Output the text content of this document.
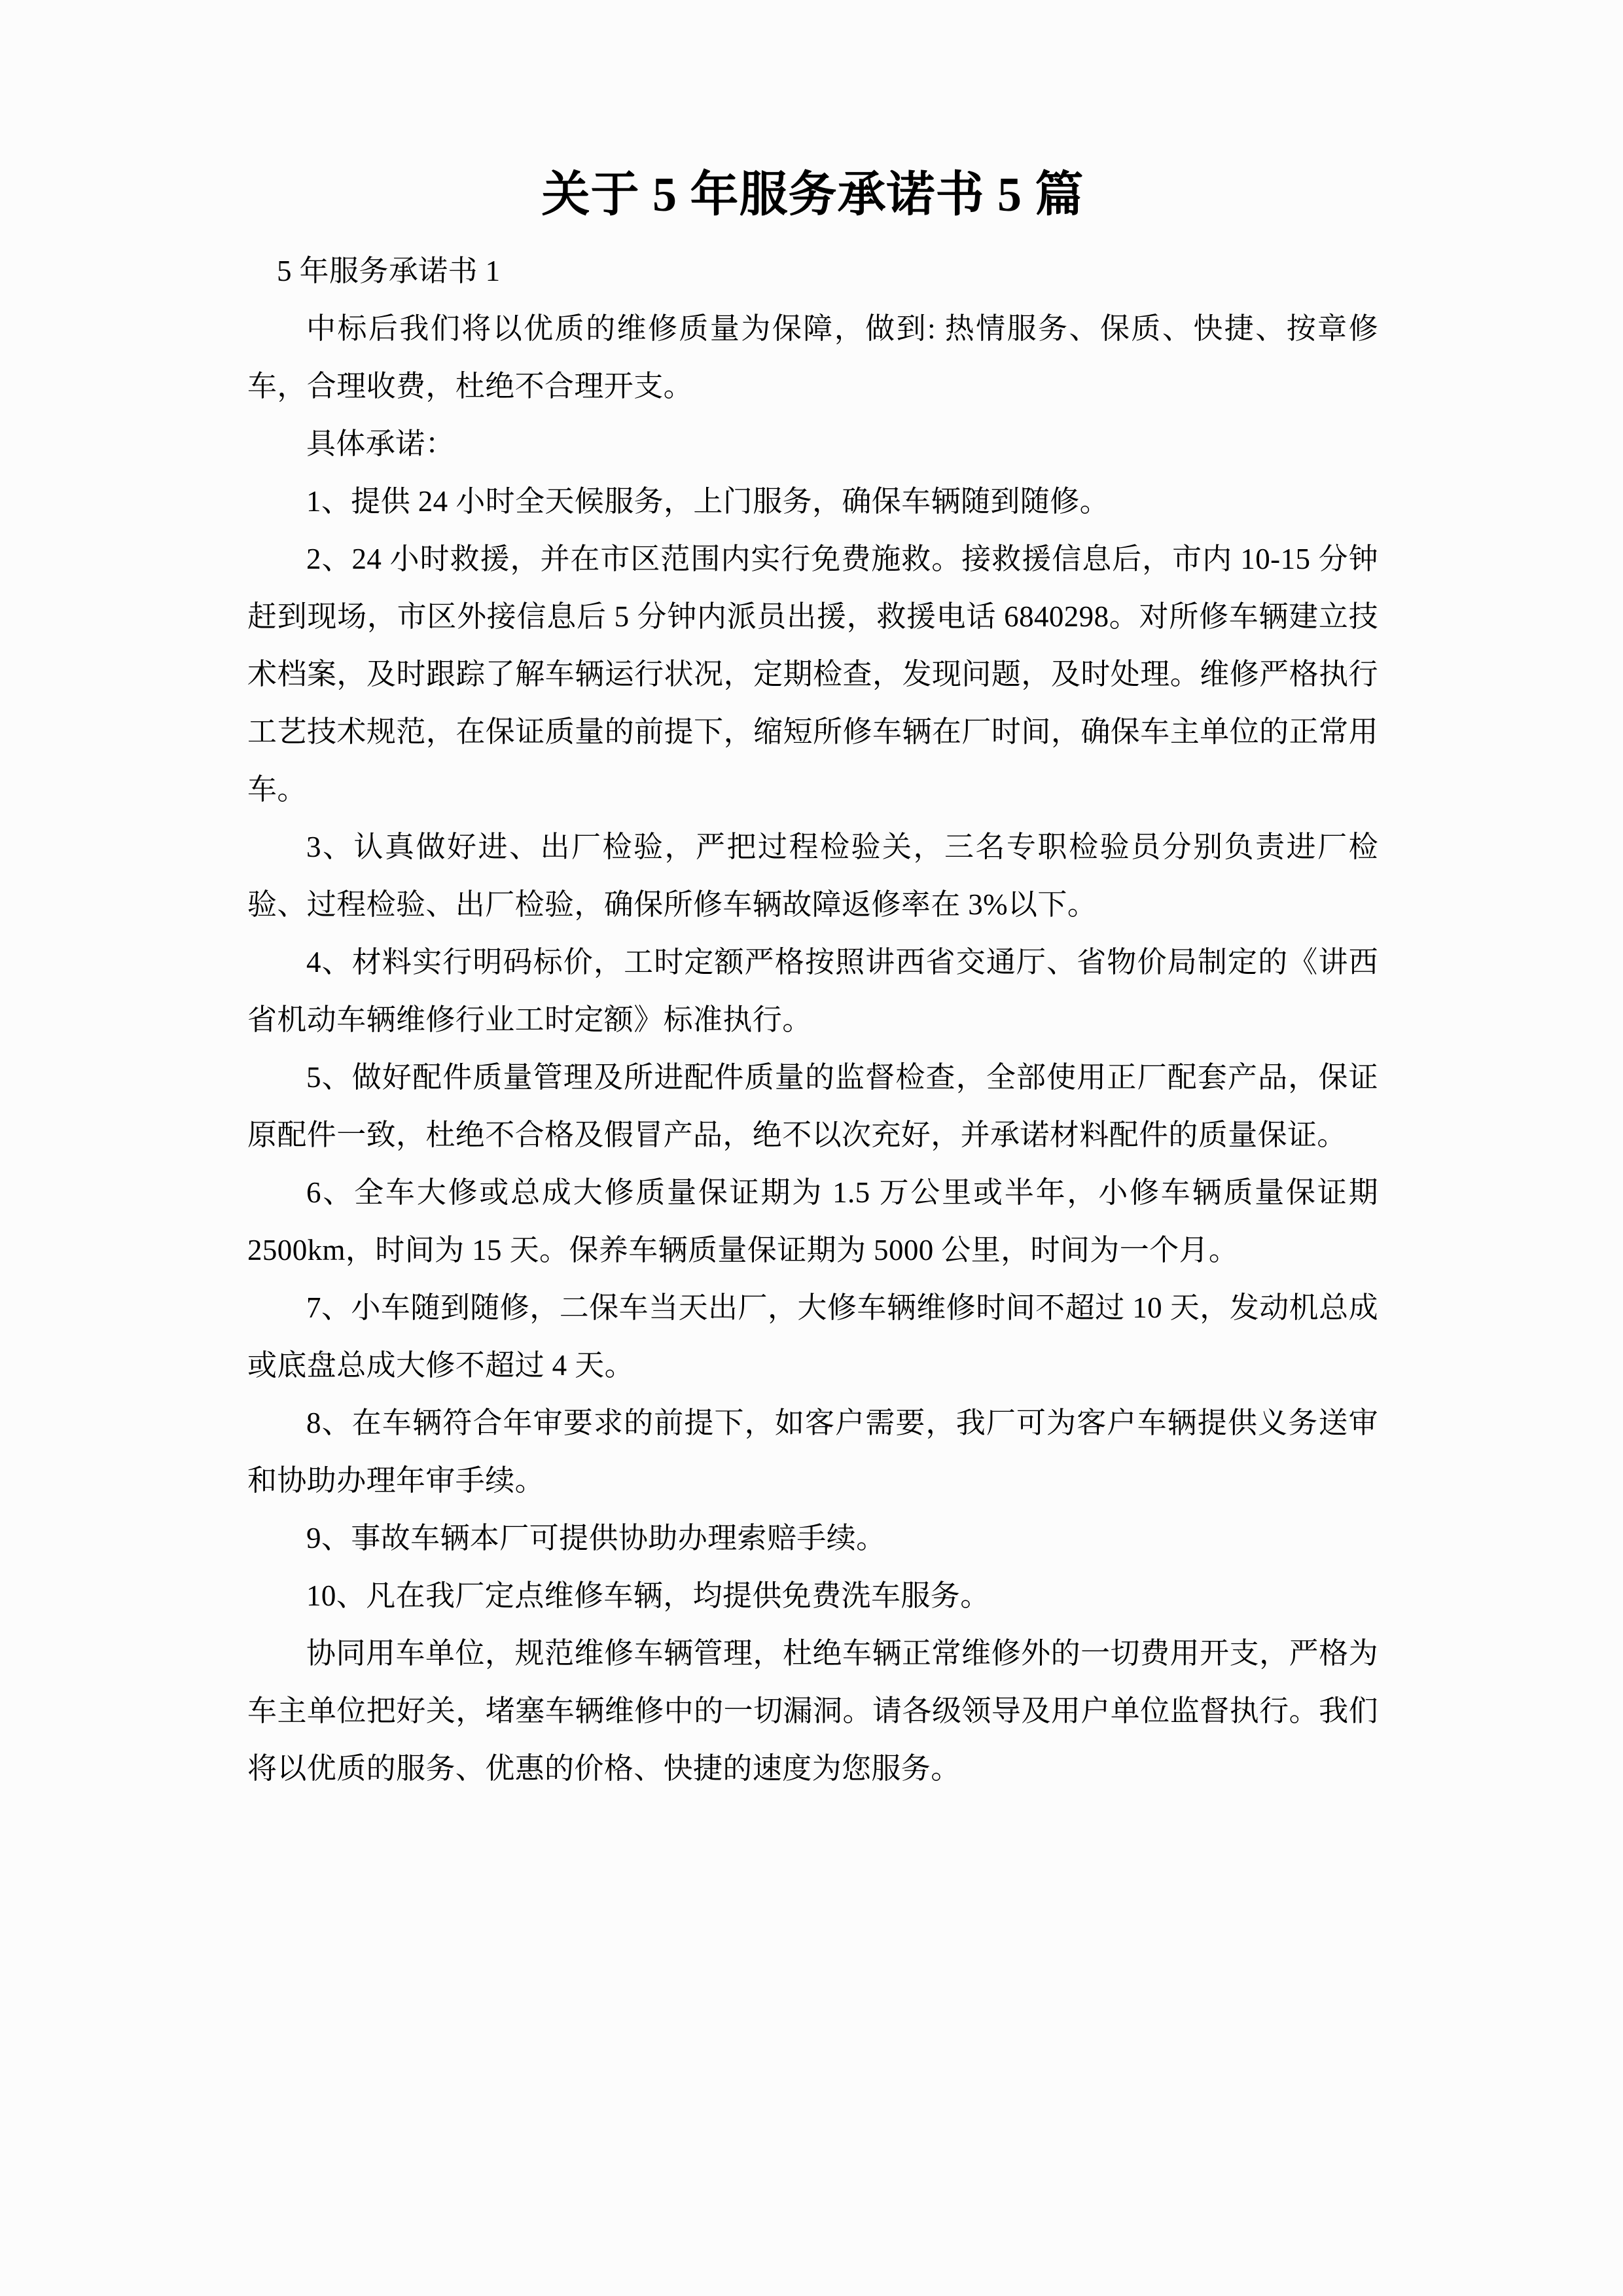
关于 5 年服务承诺书 5 篇

5 年服务承诺书 1

中标后我们将以优质的维修质量为保障，做到: 热情服务、保质、快捷、按章修车，合理收费，杜绝不合理开支。

具体承诺：

1、提供 24 小时全天候服务，上门服务，确保车辆随到随修。

2、24 小时救援，并在市区范围内实行免费施救。接救援信息后，市内 10-15 分钟赶到现场，市区外接信息后 5 分钟内派员出援，救援电话 6840298。对所修车辆建立技术档案，及时跟踪了解车辆运行状况，定期检查，发现问题，及时处理。维修严格执行工艺技术规范，在保证质量的前提下，缩短所修车辆在厂时间，确保车主单位的正常用车。

3、认真做好进、出厂检验，严把过程检验关，三名专职检验员分别负责进厂检验、过程检验、出厂检验，确保所修车辆故障返修率在 3%以下。

4、材料实行明码标价，工时定额严格按照讲西省交通厅、省物价局制定的《讲西省机动车辆维修行业工时定额》标准执行。

5、做好配件质量管理及所进配件质量的监督检查，全部使用正厂配套产品，保证原配件一致，杜绝不合格及假冒产品，绝不以次充好，并承诺材料配件的质量保证。

6、全车大修或总成大修质量保证期为 1.5 万公里或半年，小修车辆质量保证期 2500km，时间为 15 天。保养车辆质量保证期为 5000 公里，时间为一个月。

7、小车随到随修，二保车当天出厂，大修车辆维修时间不超过 10 天，发动机总成或底盘总成大修不超过 4 天。

8、在车辆符合年审要求的前提下，如客户需要，我厂可为客户车辆提供义务送审和协助办理年审手续。

9、事故车辆本厂可提供协助办理索赔手续。

10、凡在我厂定点维修车辆，均提供免费洗车服务。

协同用车单位，规范维修车辆管理，杜绝车辆正常维修外的一切费用开支，严格为车主单位把好关，堵塞车辆维修中的一切漏洞。请各级领导及用户单位监督执行。我们将以优质的服务、优惠的价格、快捷的速度为您服务。
